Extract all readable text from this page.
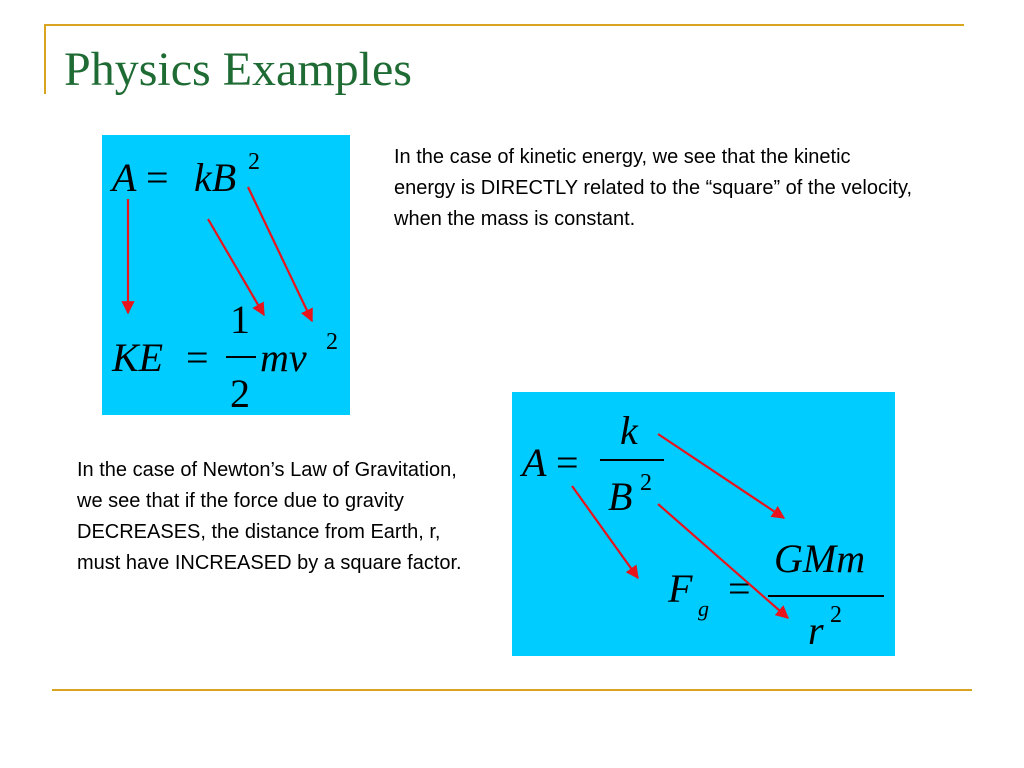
Physics Examples
A = kB 2
KE =
1
2
mv 2

In the case of kinetic energy, we see that the kinetic energy is DIRECTLY related to the “square” of the velocity, when the mass is constant.

A =
k
B 2
F g =
GMm
r 2

In the case of Newton’s Law of Gravitation, we see that if the force due to gravity DECREASES, the distance from Earth, r, must have INCREASED by a square factor.
